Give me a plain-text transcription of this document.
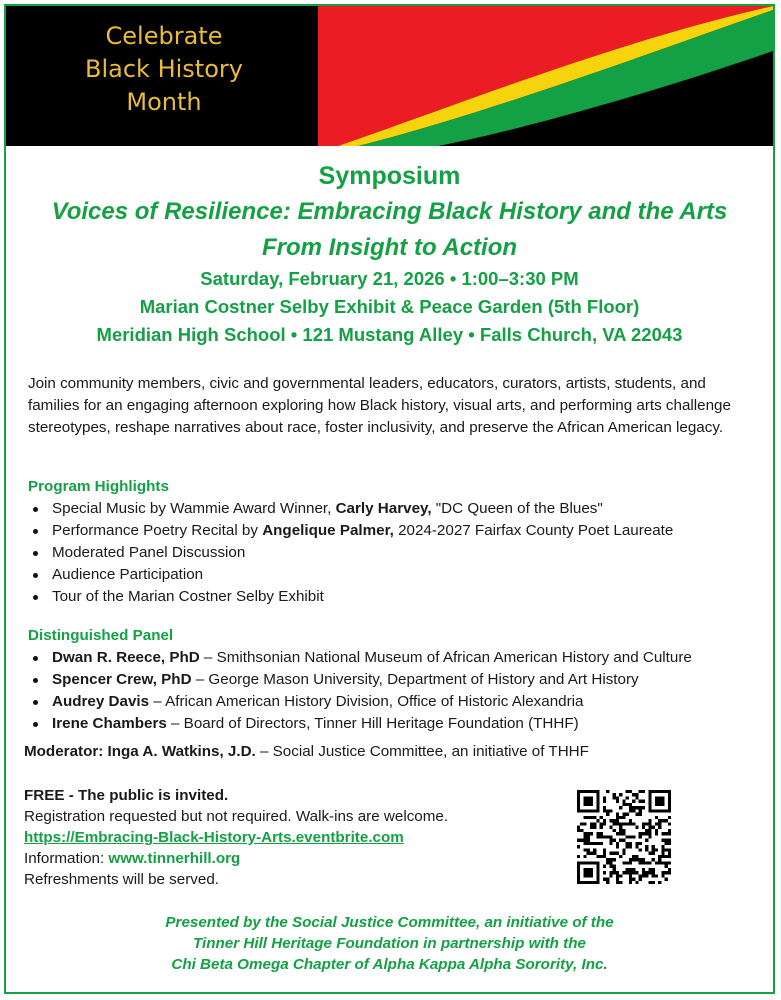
Celebrate
Black History
Month
Symposium
Voices of Resilience: Embracing Black History and the Arts
From Insight to Action
Saturday, February 21, 2026 • 1:00–3:30 PM
Marian Costner Selby Exhibit & Peace Garden (5th Floor)
Meridian High School • 121 Mustang Alley • Falls Church, VA 22043

Join community members, civic and governmental leaders, educators, curators, artists, students, and families for an engaging afternoon exploring how Black history, visual arts, and performing arts challenge stereotypes, reshape narratives about race, foster inclusivity, and preserve the African American legacy.

Program Highlights
Special Music by Wammie Award Winner, Carly Harvey, "DC Queen of the Blues"
Performance Poetry Recital by Angelique Palmer, 2024-2027 Fairfax County Poet Laureate
Moderated Panel Discussion
Audience Participation
Tour of the Marian Costner Selby Exhibit
Distinguished Panel
Dwan R. Reece, PhD – Smithsonian National Museum of African American History and Culture
Spencer Crew, PhD – George Mason University, Department of History and Art History
Audrey Davis – African American History Division, Office of Historic Alexandria
Irene Chambers – Board of Directors, Tinner Hill Heritage Foundation (THHF)
Moderator: Inga A. Watkins, J.D. – Social Justice Committee, an initiative of THHF
FREE - The public is invited.
Registration requested but not required. Walk-ins are welcome.
https://Embracing-Black-History-Arts.eventbrite.com
Information: www.tinnerhill.org
Refreshments will be served.
Presented by the Social Justice Committee, an initiative of the
Tinner Hill Heritage Foundation in partnership with the
Chi Beta Omega Chapter of Alpha Kappa Alpha Sorority, Inc.
